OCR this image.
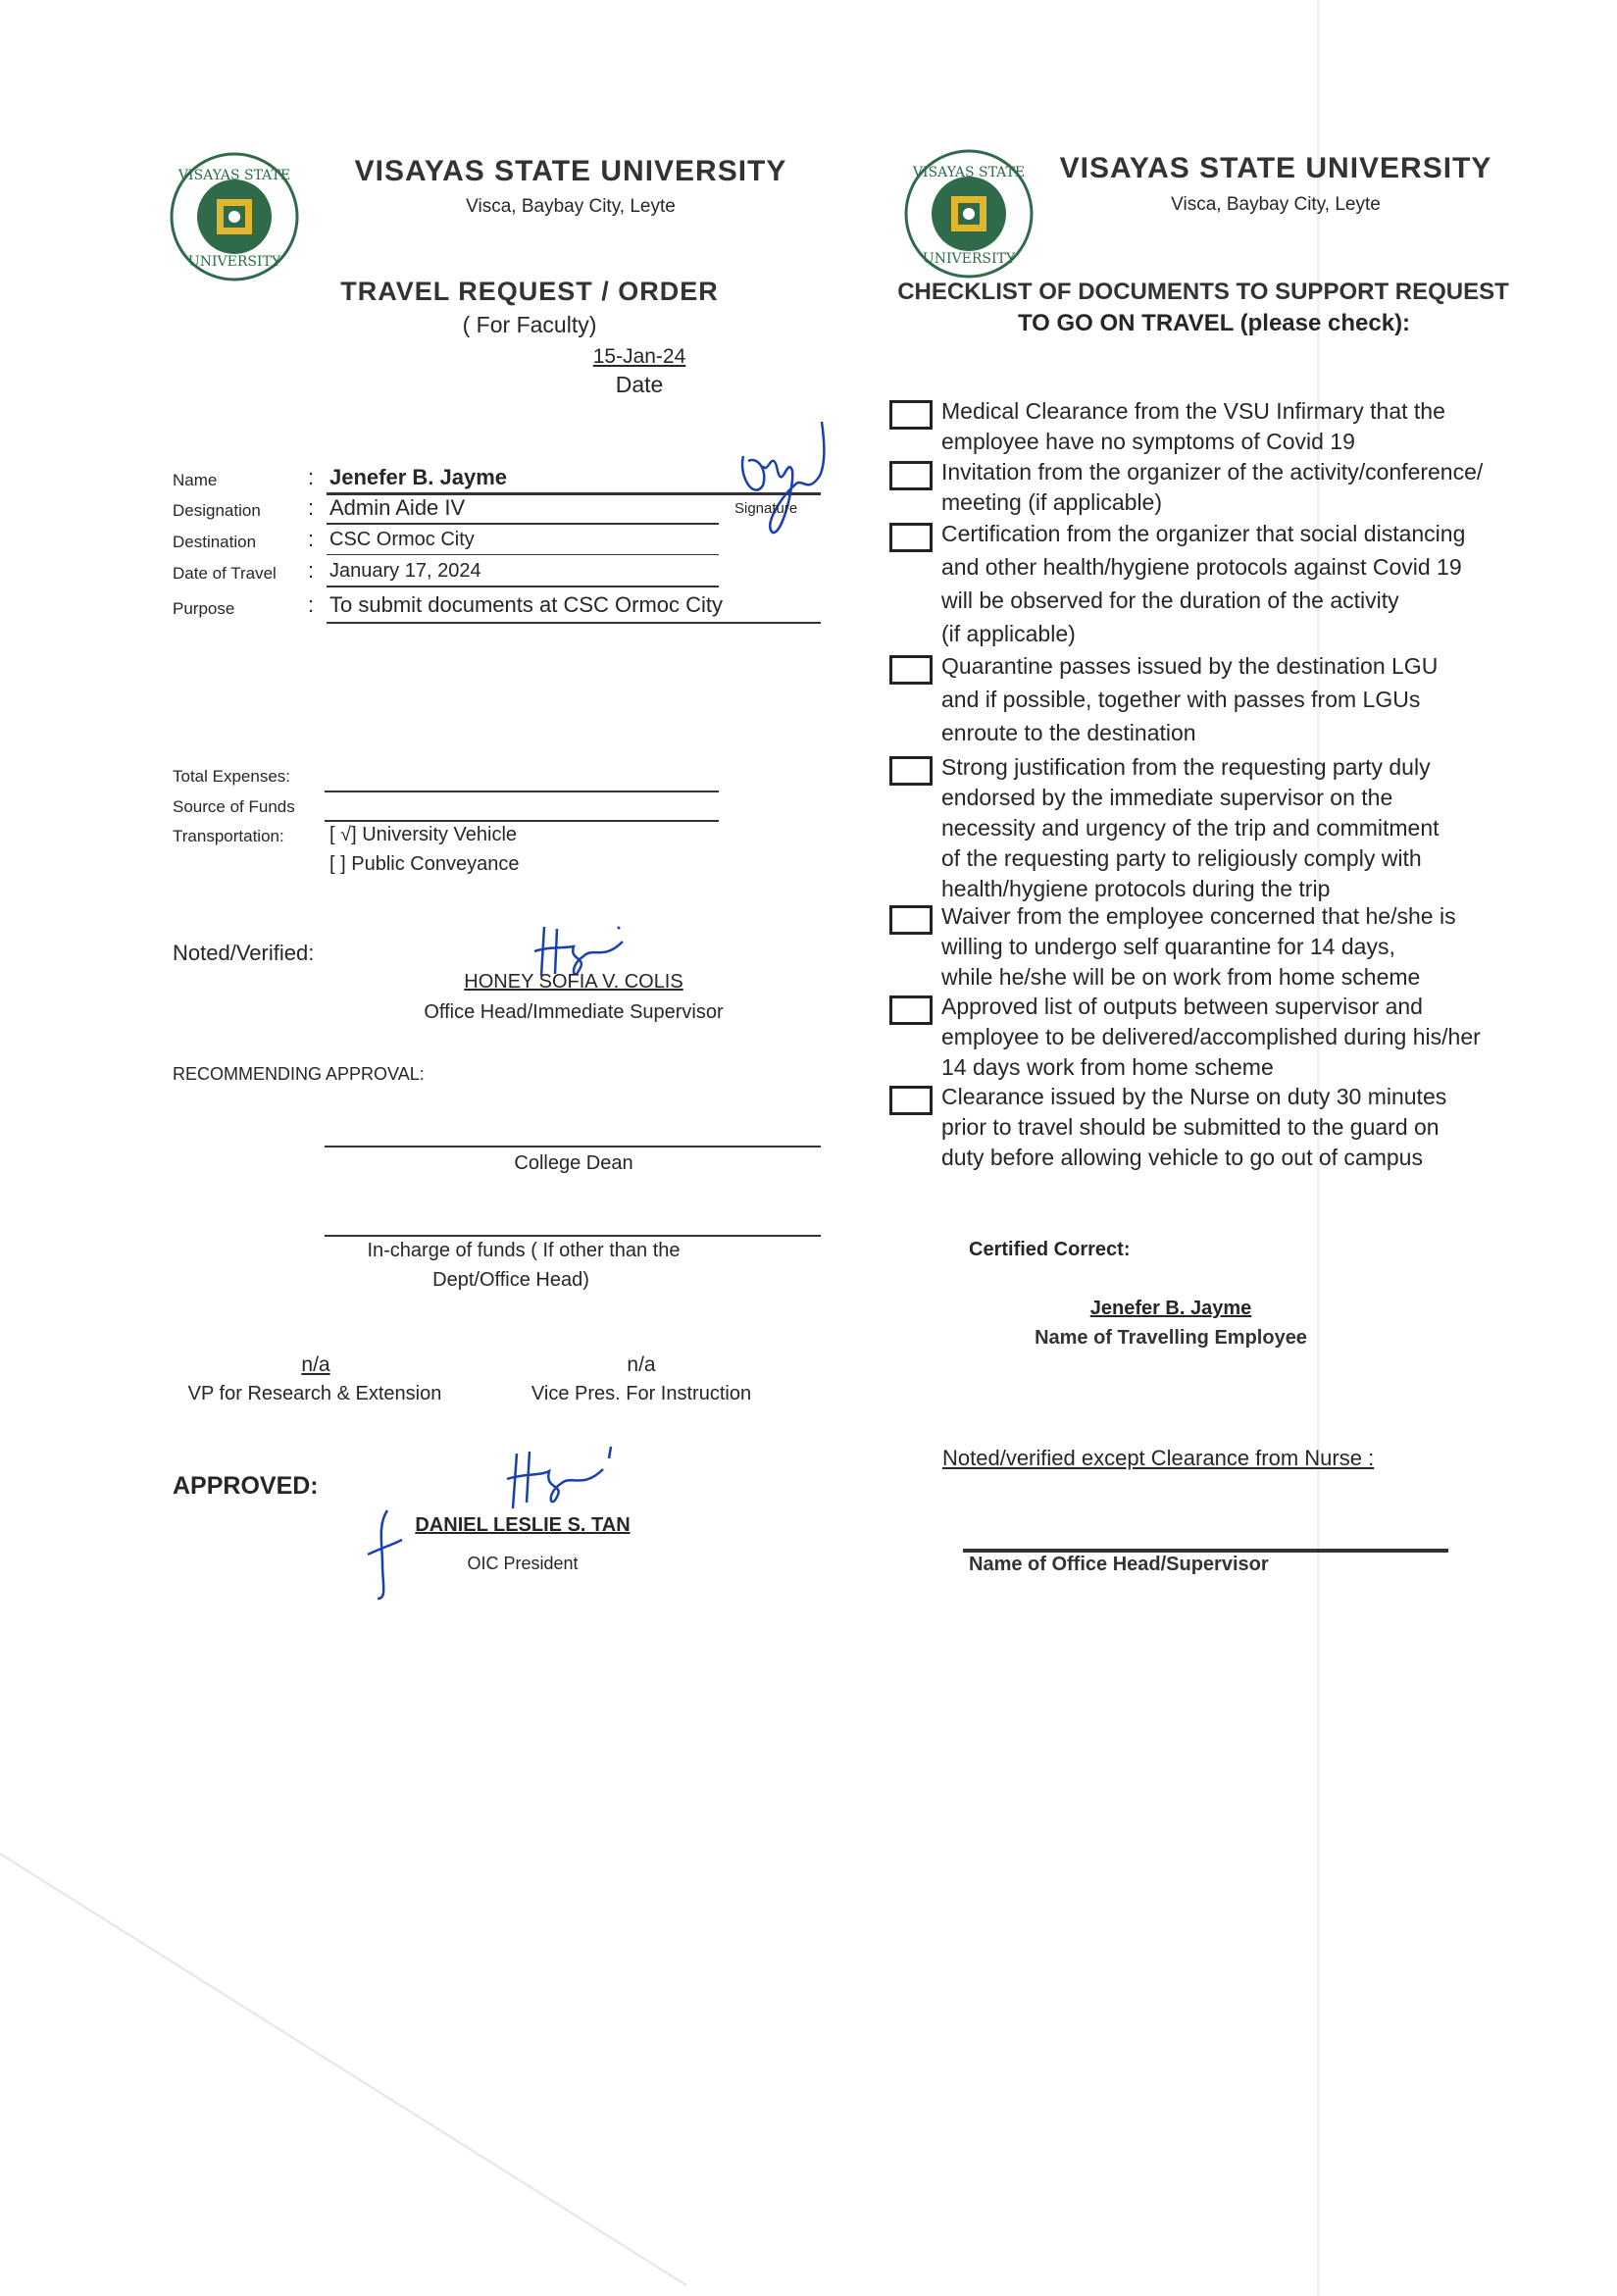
VISAYAS STATE
UNIVERSITY
VISAYAS STATE UNIVERSITY
Visca, Baybay City, Leyte
TRAVEL REQUEST / ORDER
( For Faculty)
15-Jan-24
Date
Name	: Jenefer B. Jayme
Designation : Admin Aide IV
Destination : CSC Ormoc City
Date of Travel : January 17, 2024
Purpose	: To submit documents at CSC Ormoc City
Signature
Total Expenses:
Source of Funds
Transportation: [ √] University Vehicle
[ ] Public Conveyance
Noted/Verified:
HONEY SOFIA V. COLIS
Office Head/Immediate Supervisor
RECOMMENDING APPROVAL:
College Dean
In-charge of funds ( If other than the
Dept/Office Head)
n/a
VP for Research & Extension
n/a
Vice Pres. For Instruction
APPROVED:
DANIEL LESLIE S. TAN
OIC President
VISAYAS STATE
UNIVERSITY
VISAYAS STATE UNIVERSITY
Visca, Baybay City, Leyte
CHECKLIST OF DOCUMENTS TO SUPPORT REQUEST
TO GO ON TRAVEL (please check):
Medical Clearance from the VSU Infirmary that the
employee have no symptoms of Covid 19
Invitation from the organizer of the activity/conference/
meeting (if applicable)
Certification from the organizer that social distancing
and other health/hygiene protocols against Covid 19
will be observed for the duration of the activity
(if applicable)
Quarantine passes issued by the destination LGU
and if possible, together with passes from LGUs
enroute to the destination
Strong justification from the requesting party duly
endorsed by the immediate supervisor on the
necessity and urgency of the trip and commitment
of the requesting party to religiously comply with
health/hygiene protocols during the trip
Waiver from the employee concerned that he/she is
willing to undergo self quarantine for 14 days,
while he/she will be on work from home scheme
Approved list of outputs between supervisor and
employee to be delivered/accomplished during his/her
14 days work from home scheme
Clearance issued by the Nurse on duty 30 minutes
prior to travel should be submitted to the guard on
duty before allowing vehicle to go out of campus
Certified Correct:
Jenefer B. Jayme
Name of Travelling Employee
Noted/verified except Clearance from Nurse :
Name of Office Head/Supervisor
